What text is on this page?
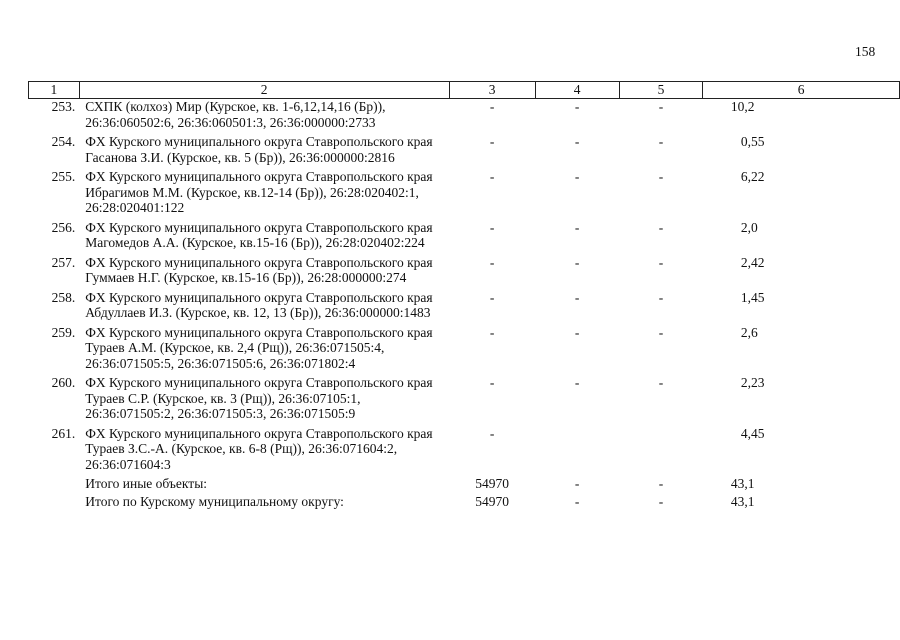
158
1	2	3	4	5	6
253.	СХПК (колхоз) Мир (Курское, кв. 1-6,12,14,16 (Бр)), 26:36:060502:6, 26:36:060501:3, 26:36:000000:2733	-	-	-	10,2
254.	ФХ Курского муниципального округа Ставропольского края Гасанова З.И. (Курское, кв. 5 (Бр)), 26:36:000000:2816	-	-	-	0,55
255.	ФХ Курского муниципального округа Ставропольского края Ибрагимов М.М. (Курское, кв.12-14 (Бр)), 26:28:020402:1, 26:28:020401:122	-	-	-	6,22
256.	ФХ Курского муниципального округа Ставропольского края Магомедов А.А. (Курское, кв.15-16 (Бр)), 26:28:020402:224	-	-	-	2,0
257.	ФХ Курского муниципального округа Ставропольского края Гуммаев Н.Г. (Курское, кв.15-16 (Бр)), 26:28:000000:274	-	-	-	2,42
258.	ФХ Курского муниципального округа Ставропольского края Абдуллаев И.З. (Курское, кв. 12, 13 (Бр)), 26:36:000000:1483	-	-	-	1,45
259.	ФХ Курского муниципального округа Ставропольского края Тураев А.М. (Курское, кв. 2,4 (Рщ)), 26:36:071505:4, 26:36:071505:5, 26:36:071505:6, 26:36:071802:4	-	-	-	2,6
260.	ФХ Курского муниципального округа Ставропольского края Тураев С.Р. (Курское, кв. 3 (Рщ)), 26:36:07105:1, 26:36:071505:2, 26:36:071505:3, 26:36:071505:9	-	-	-	2,23
261.	ФХ Курского муниципального округа Ставропольского края Тураев З.С.-А. (Курское, кв. 6-8 (Рщ)), 26:36:071604:2, 26:36:071604:3	-			4,45
	Итого иные объекты:	54970	-	-	43,1
	Итого по Курскому муниципальному округу:	54970	-	-	43,1
